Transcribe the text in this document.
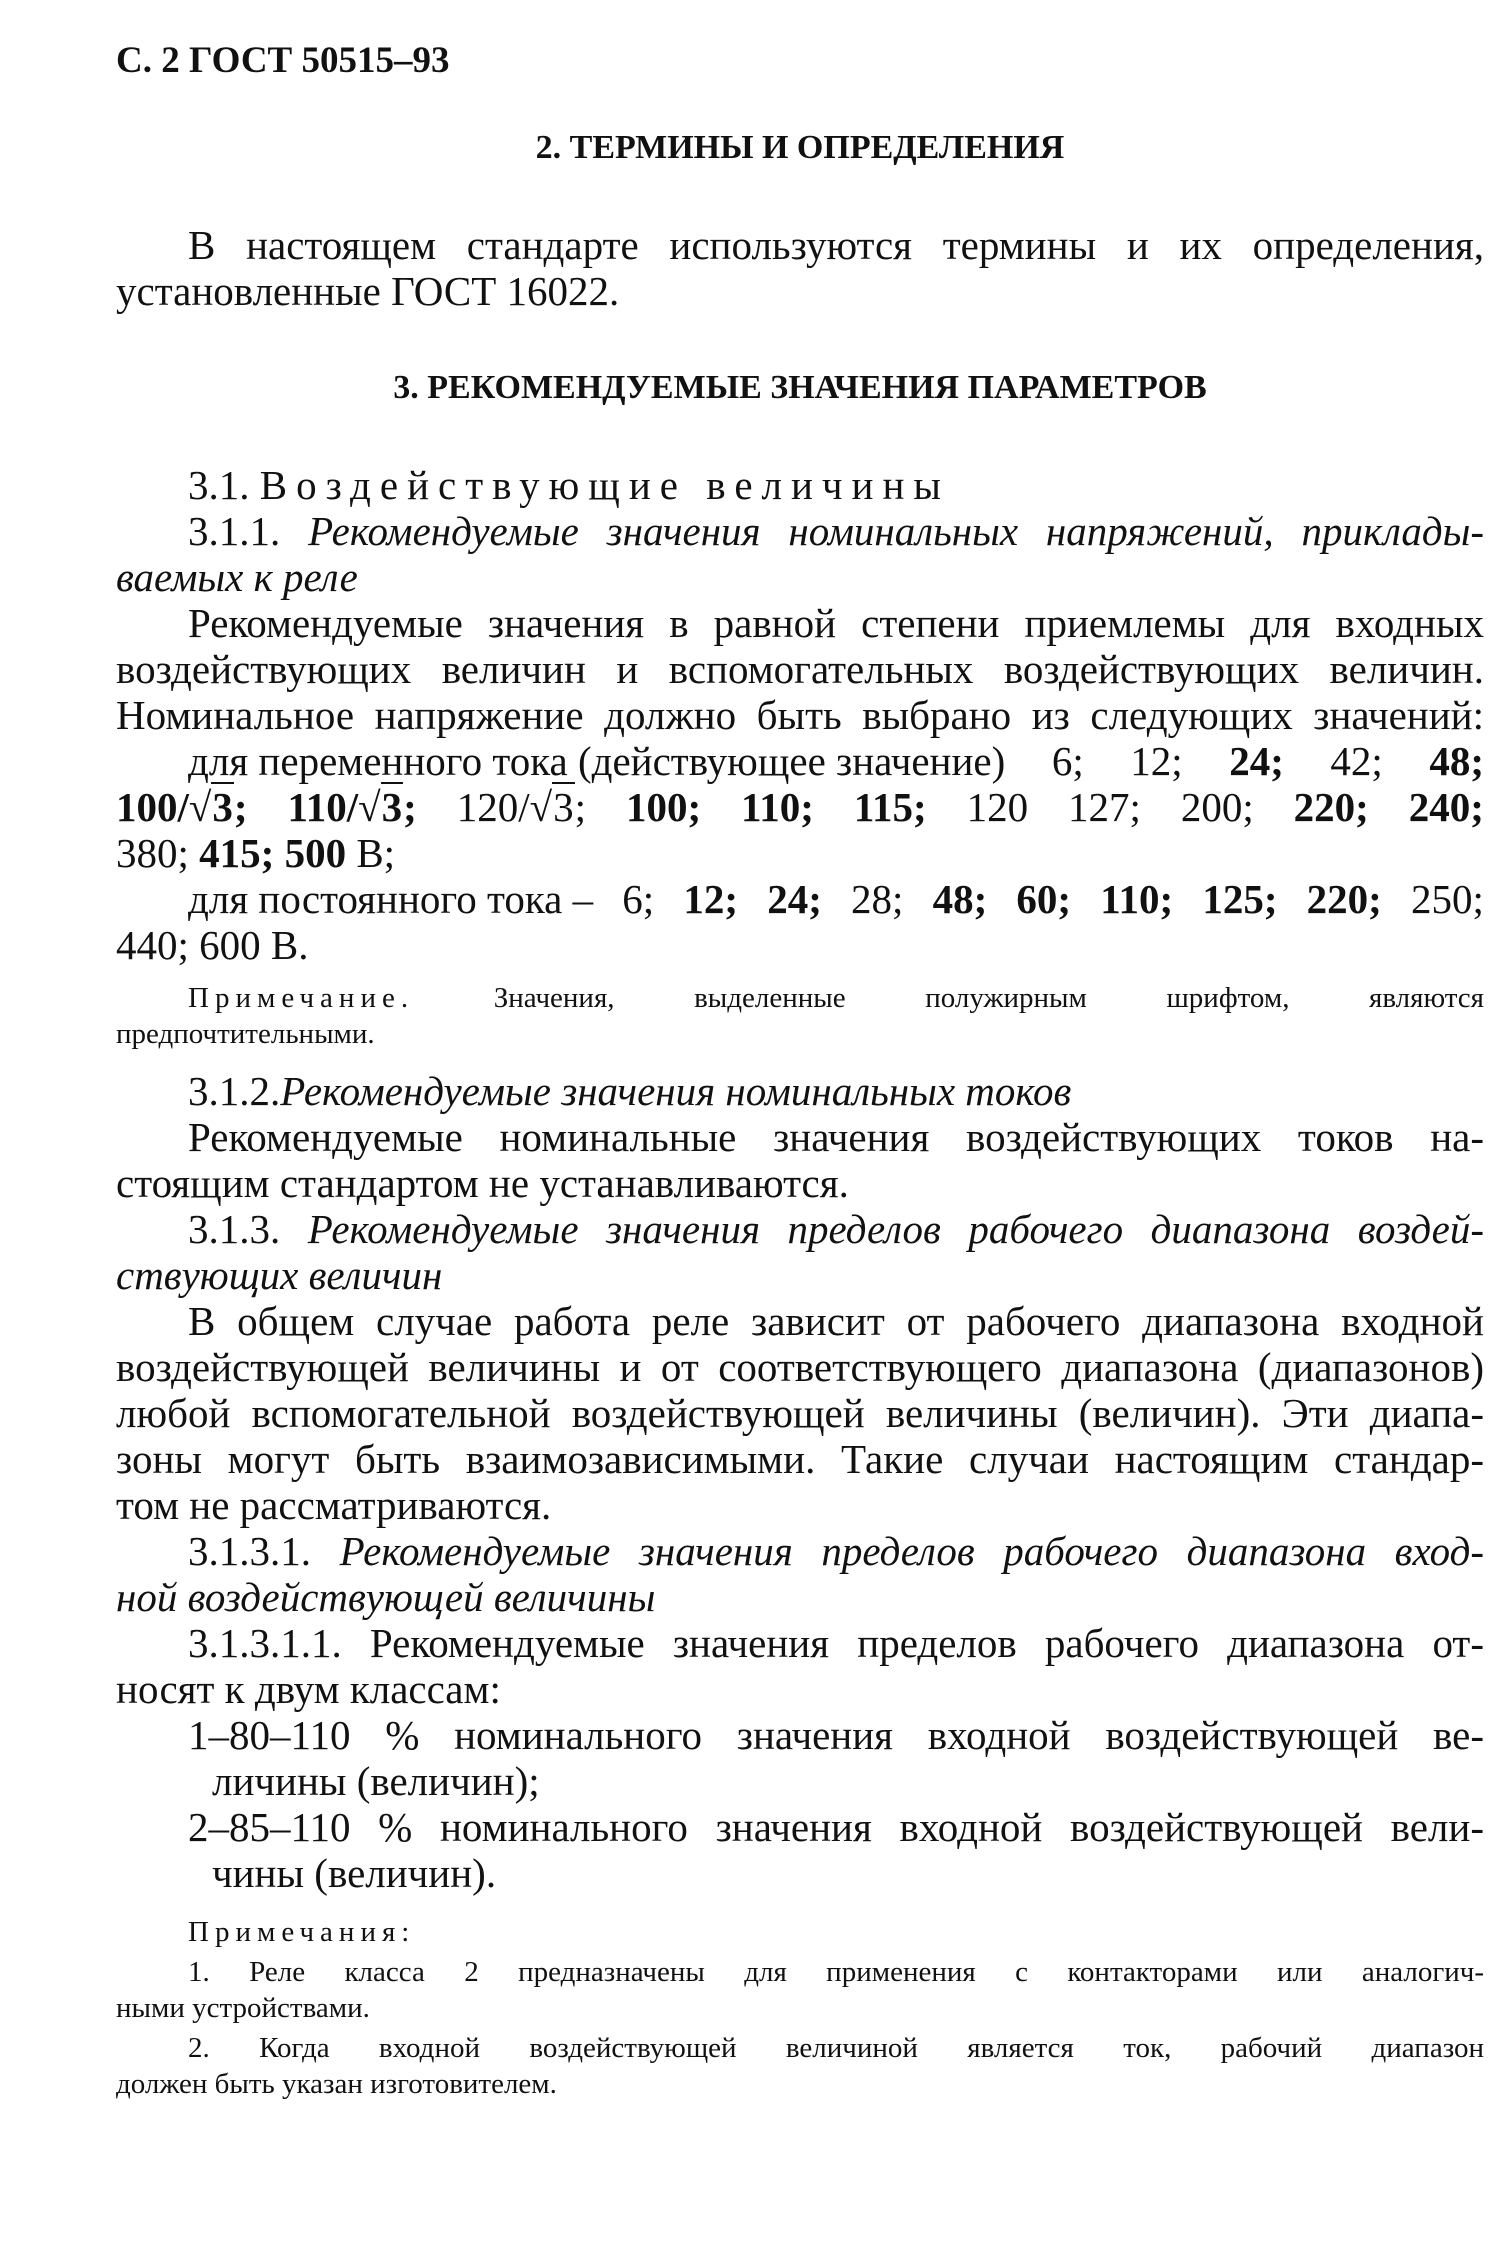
С. 2 ГОСТ 50515–93
2. ТЕРМИНЫ И ОПРЕДЕЛЕНИЯ
В настоящем стандарте используются термины и их определения,
установленные ГОСТ 16022.
3. РЕКОМЕНДУЕМЫЕ ЗНАЧЕНИЯ ПАРАМЕТРОВ
3.1. Воздействующие величины
3.1.1. Рекомендуемые значения номинальных напряжений, приклады-
ваемых к реле
Рекомендуемые значения в равной степени приемлемы для входных
воздействующих величин и вспомогательных воздействующих величин.
Номинальное напряжение должно быть выбрано из следующих значений:
для переменного тока (действующее значение) 6; 12; 24; 42; 48;
100/√3; 110/√3; 120/√3; 100; 110; 115; 120 127; 200; 220; 240;
380; 415; 500 В;
для постоянного тока – 6; 12; 24; 28; 48; 60; 110; 125; 220; 250;
440; 600 В.
Примечание.	Значения, выделенные полужирным шрифтом, являются
предпочтительными.
3.1.2.Рекомендуемые значения номинальных токов
Рекомендуемые номинальные значения воздействующих токов на-
стоящим стандартом не устанавливаются.
3.1.3. Рекомендуемые значения пределов рабочего диапазона воздей-
ствующих величин
В общем случае работа реле зависит от рабочего диапазона входной
воздействующей величины и от соответствующего диапазона (диапазонов)
любой вспомогательной воздействующей величины (величин). Эти диапа-
зоны могут быть взаимозависимыми. Такие случаи настоящим стандар-
том не рассматриваются.
3.1.3.1. Рекомендуемые значения пределов рабочего диапазона вход-
ной воздействующей величины
3.1.3.1.1. Рекомендуемые значения пределов рабочего диапазона от-
носят к двум классам:
1–80–110 % номинального значения входной воздействующей ве-
личины (величин);
2–85–110 % номинального значения входной воздействующей вели-
чины (величин).
Примечания:
1. Реле класса 2 предназначены для применения с контакторами или аналогич-
ными устройствами.
2. Когда входной воздействующей величиной является ток, рабочий диапазон
должен быть указан изготовителем.
